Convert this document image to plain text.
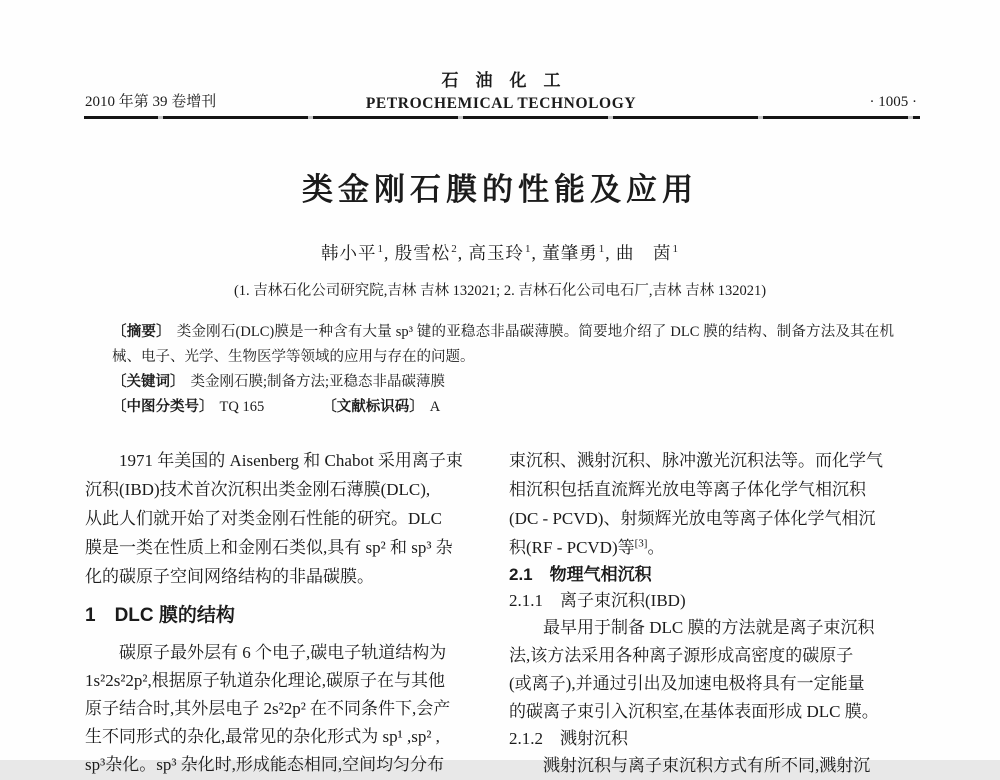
2010 年第 39 卷增刊
石油化工
PETROCHEMICAL TECHNOLOGY	· 1005 ·
类金刚石膜的性能及应用
韩小平$^1$, 殷雪松$^2$, 高玉玲$^1$, 董肇勇$^1$, 曲　茵$^1$
(1. 吉林石化公司研究院,吉林 吉林 132021; 2. 吉林石化公司电石厂,吉林 吉林 132021)

〔摘要〕 类金刚石(DLC)膜是一种含有大量 sp³ 键的亚稳态非晶碳薄膜。简要地介绍了 DLC 膜的结构、制备方法及其在机械、电子、光学、生物医学等领域的应用与存在的问题。

〔关键词〕 类金刚石膜;制备方法;亚稳态非晶碳薄膜

〔中图分类号〕 TQ 165	〔文献标识码〕 A

1971 年美国的 Aisenberg 和 Chabot 采用离子束
沉积(IBD)技术首次沉积出类金刚石薄膜(DLC),
从此人们就开始了对类金刚石性能的研究。DLC
膜是一类在性质上和金刚石类似,具有 sp² 和 sp³ 杂
化的碳原子空间网络结构的非晶碳膜。
1　DLC 膜的结构
碳原子最外层有 6 个电子,碳电子轨道结构为
1s²2s²2p²,根据原子轨道杂化理论,碳原子在与其他
原子结合时,其外层电子 2s²2p² 在不同条件下,会产
生不同形式的杂化,最常见的杂化形式为 sp¹ ,sp² ,
sp³杂化。sp³ 杂化时,形成能态相同,空间均匀分布
束沉积、溅射沉积、脉冲激光沉积法等。而化学气
相沉积包括直流辉光放电等离子体化学气相沉积
(DC - PCVD)、射频辉光放电等离子体化学气相沉
积(RF - PCVD)等[3]。
2.1　物理气相沉积
2.1.1　离子束沉积(IBD)
最早用于制备 DLC 膜的方法就是离子束沉积
法,该方法采用各种离子源形成高密度的碳原子
(或离子),并通过引出及加速电极将具有一定能量
的碳离子束引入沉积室,在基体表面形成 DLC 膜。
2.1.2　溅射沉积
溅射沉积与离子束沉积方式有所不同,溅射沉
